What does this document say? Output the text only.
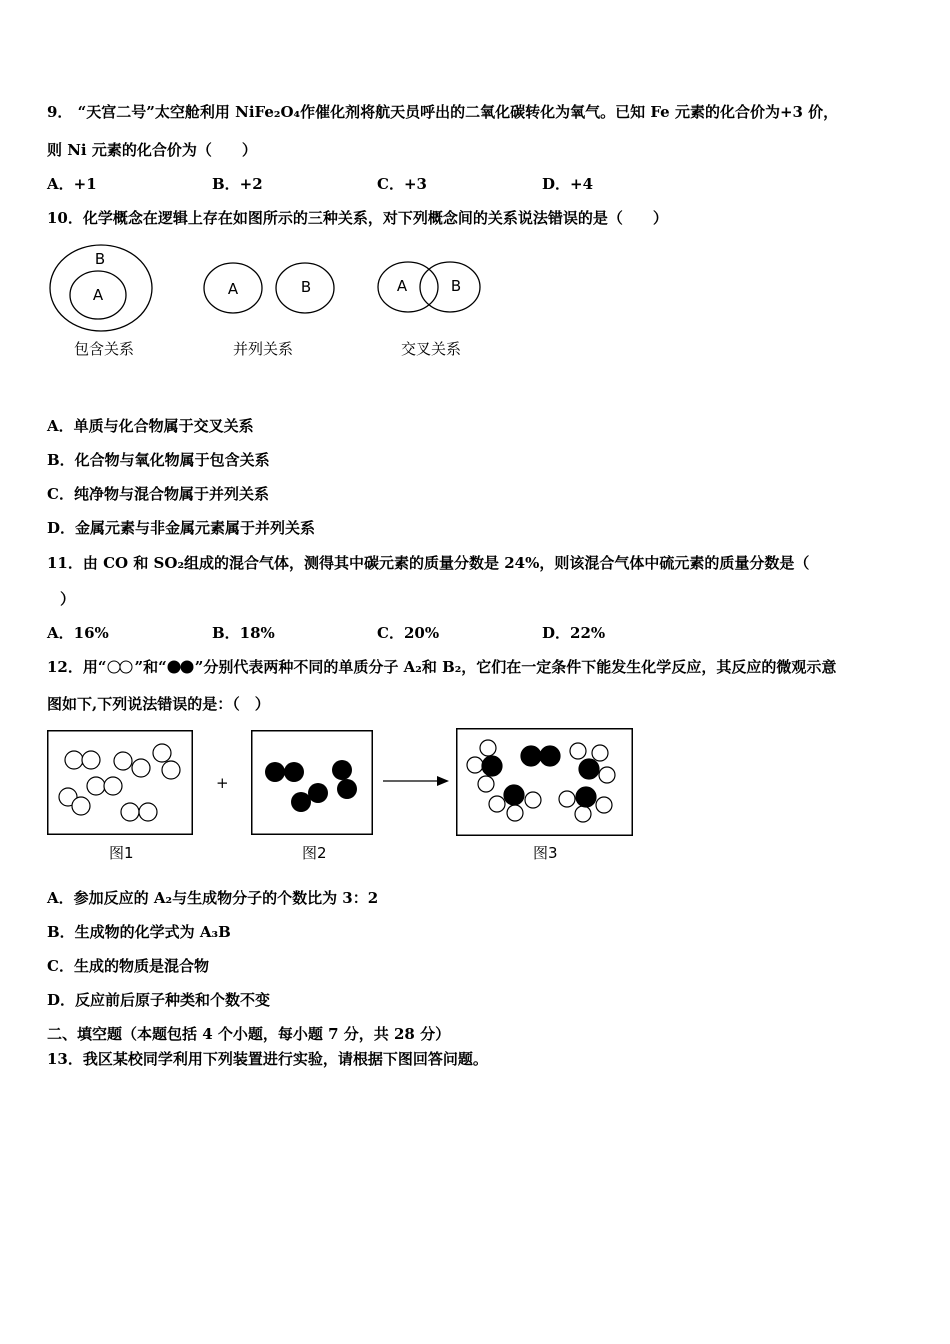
9． “天宫二号”太空舱利用 NiFe₂O₄作催化剂将航天员呼出的二氧化碳转化为氧气。已知 Fe 元素的化合价为+3 价，
则 Ni 元素的化合价为（　　）
A．+1	B．+2	C．+3	D．+4
10．化学概念在逻辑上存在如图所示的三种关系，对下列概念间的关系说法错误的是（　　）
B
A	A	B	A	B
包含关系	并列关系	交叉关系
A．单质与化合物属于交叉关系
B．化合物与氧化物属于包含关系
C．纯净物与混合物属于并列关系
D．金属元素与非金属元素属于并列关系
11．由 CO 和 SO₂组成的混合气体，测得其中碳元素的质量分数是 24%，则该混合气体中硫元素的质量分数是（
）
A．16%	B．18%	C．20%	D．22%
12．用“ ”和“ ”分别代表两种不同的单质分子 A₂和 B₂，它们在一定条件下能发生化学反应，其反应的微观示意
图如下,下列说法错误的是：（　）
+
图1	图2	图3
A．参加反应的 A₂与生成物分子的个数比为 3：2
B．生成物的化学式为 A₃B
C．生成的物质是混合物
D．反应前后原子种类和个数不变
二、填空题（本题包括 4 个小题，每小题 7 分，共 28 分）
13．我区某校同学利用下列装置进行实验，请根据下图回答问题。
